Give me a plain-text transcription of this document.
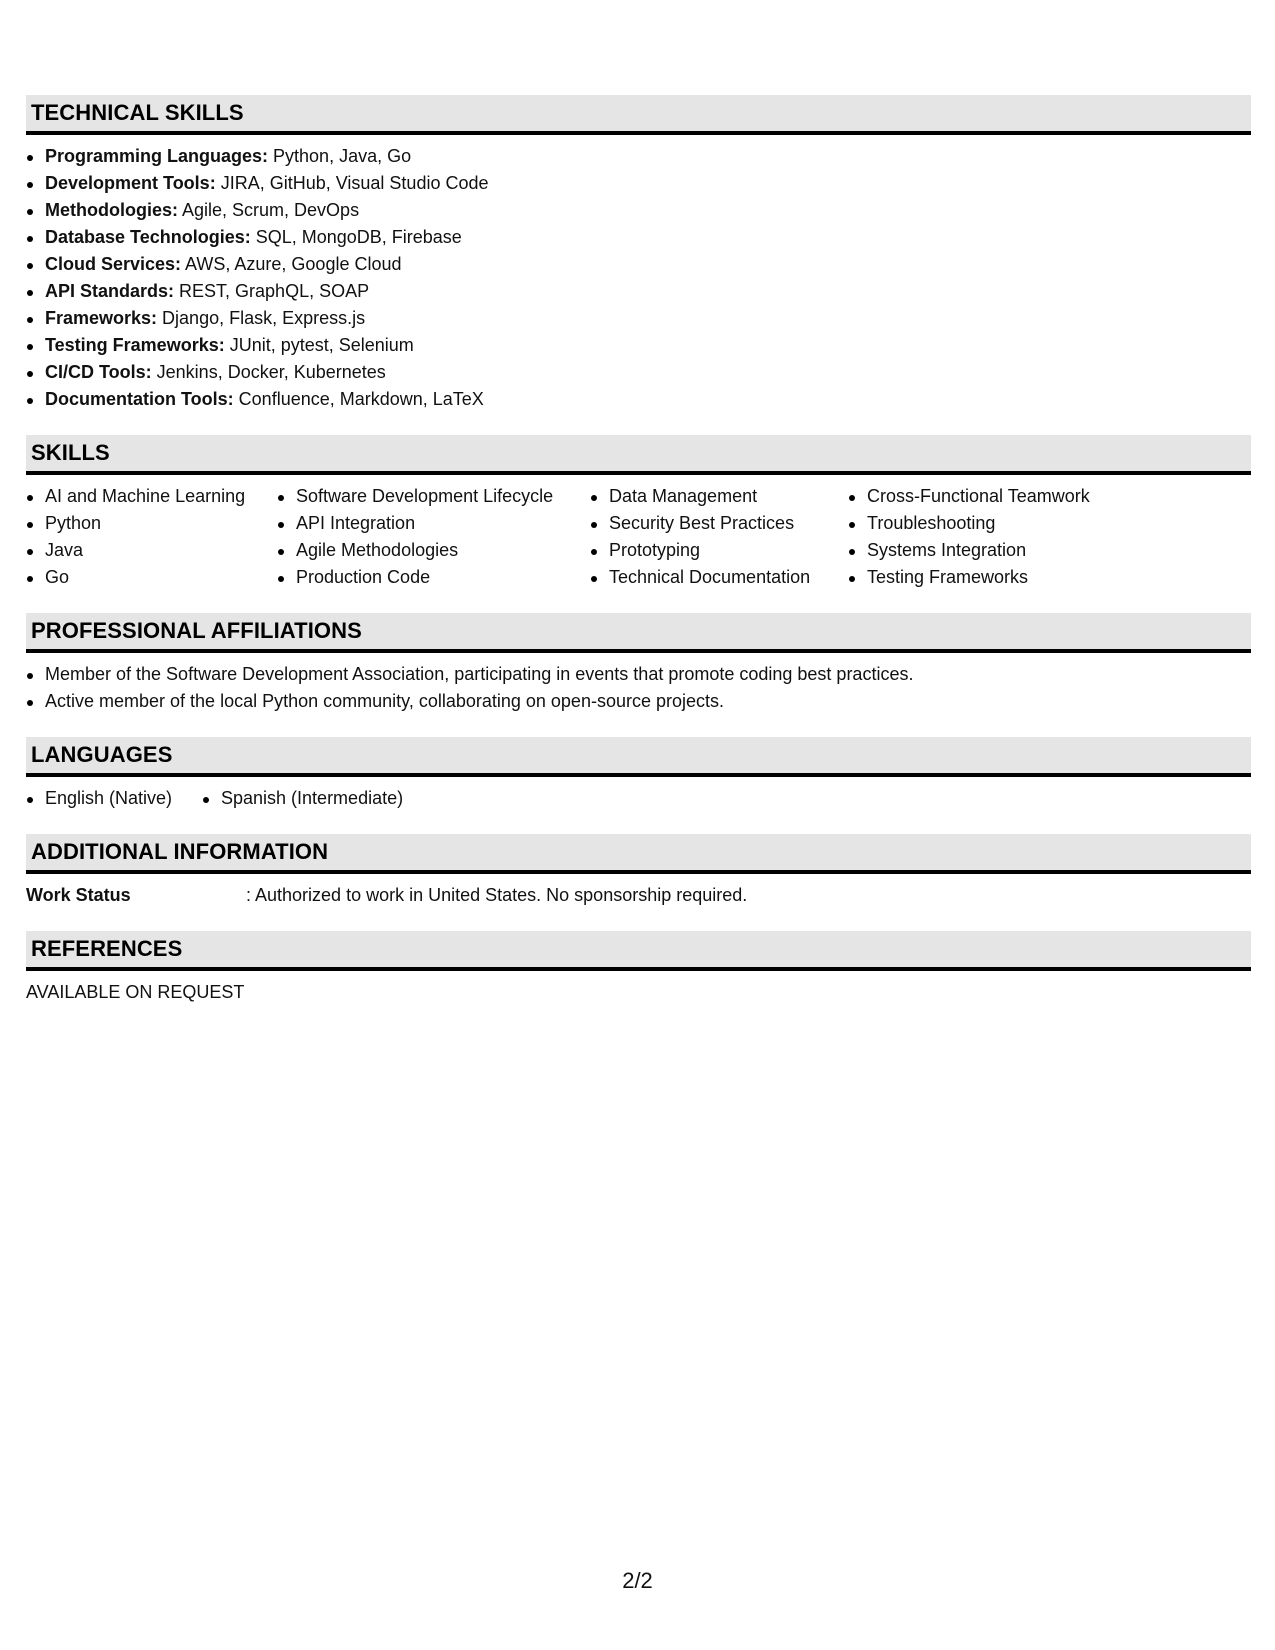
TECHNICAL SKILLS
Programming Languages: Python, Java, Go
Development Tools: JIRA, GitHub, Visual Studio Code
Methodologies: Agile, Scrum, DevOps
Database Technologies: SQL, MongoDB, Firebase
Cloud Services: AWS, Azure, Google Cloud
API Standards: REST, GraphQL, SOAP
Frameworks: Django, Flask, Express.js
Testing Frameworks: JUnit, pytest, Selenium
CI/CD Tools: Jenkins, Docker, Kubernetes
Documentation Tools: Confluence, Markdown, LaTeX
SKILLS
AI and Machine Learning
Python
Java
Go
Software Development Lifecycle
API Integration
Agile Methodologies
Production Code
Data Management
Security Best Practices
Prototyping
Technical Documentation
Cross-Functional Teamwork
Troubleshooting
Systems Integration
Testing Frameworks
PROFESSIONAL AFFILIATIONS
Member of the Software Development Association, participating in events that promote coding best practices.
Active member of the local Python community, collaborating on open-source projects.
LANGUAGES
English (Native)	Spanish (Intermediate)
ADDITIONAL INFORMATION
Work Status	: Authorized to work in United States. No sponsorship required.
REFERENCES
AVAILABLE ON REQUEST
2/2
